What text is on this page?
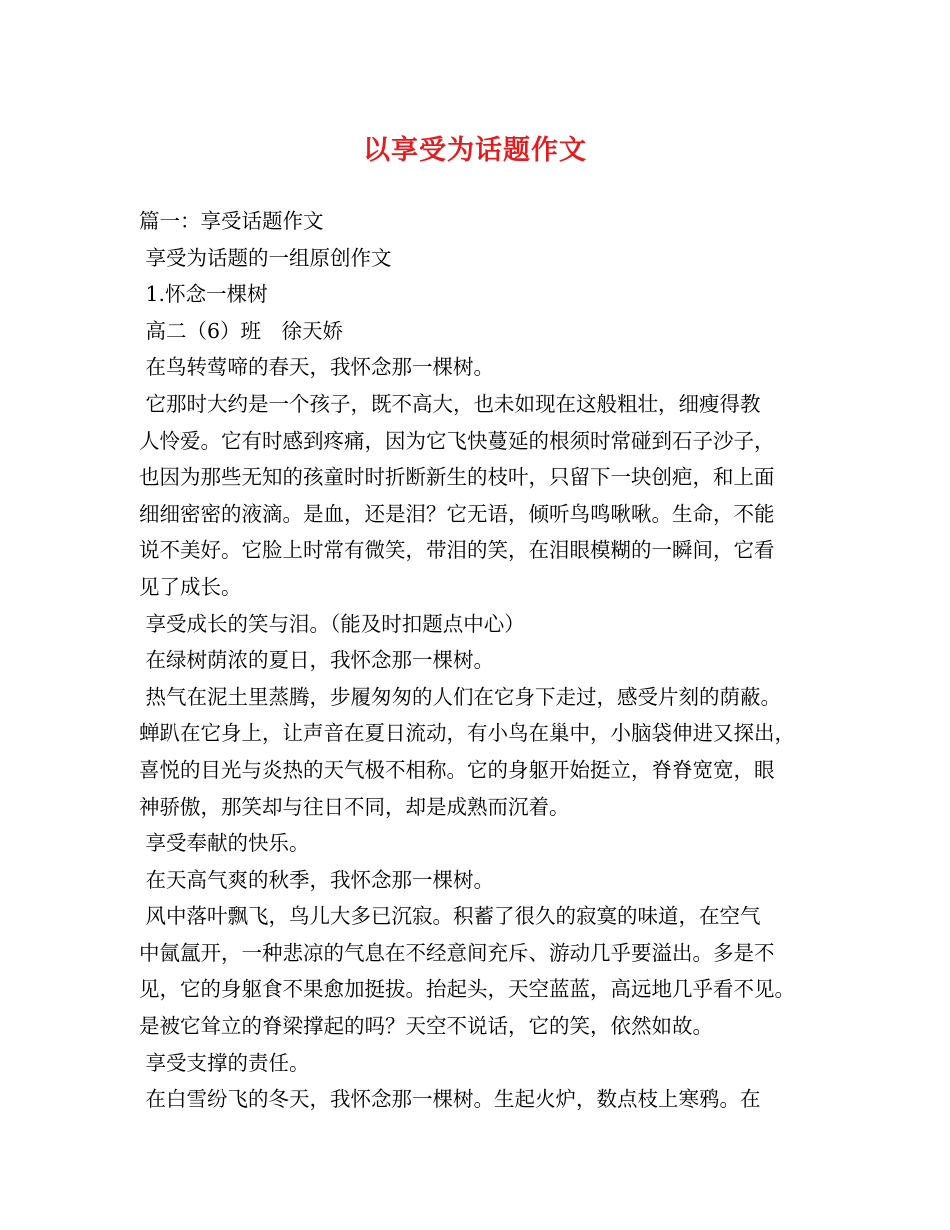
以享受为话题作文
篇一：享受话题作文
享受为话题的一组原创作文
1.怀念一棵树
高二（6）班　徐天娇
在鸟转莺啼的春天，我怀念那一棵树。
它那时大约是一个孩子，既不高大，也未如现在这般粗壮，细瘦得教
人怜爱。它有时感到疼痛，因为它飞快蔓延的根须时常碰到石子沙子，
也因为那些无知的孩童时时折断新生的枝叶，只留下一块创疤，和上面
细细密密的液滴。是血，还是泪？它无语，倾听鸟鸣啾啾。生命，不能
说不美好。它脸上时常有微笑，带泪的笑，在泪眼模糊的一瞬间，它看
见了成长。
享受成长的笑与泪。（能及时扣题点中心）
在绿树荫浓的夏日，我怀念那一棵树。
热气在泥土里蒸腾，步履匆匆的人们在它身下走过，感受片刻的荫蔽。
蝉趴在它身上，让声音在夏日流动，有小鸟在巢中，小脑袋伸进又探出，
喜悦的目光与炎热的天气极不相称。它的身躯开始挺立，脊脊宽宽，眼
神骄傲，那笑却与往日不同，却是成熟而沉着。
享受奉献的快乐。
在天高气爽的秋季，我怀念那一棵树。
风中落叶飘飞，鸟儿大多已沉寂。积蓄了很久的寂寞的味道，在空气
中氤氲开，一种悲凉的气息在不经意间充斥、游动几乎要溢出。多是不
见，它的身躯食不果愈加挺拔。抬起头，天空蓝蓝，高远地几乎看不见。
是被它耸立的脊梁撑起的吗？天空不说话，它的笑，依然如故。
享受支撑的责任。
在白雪纷飞的冬天，我怀念那一棵树。生起火炉，数点枝上寒鸦。在
